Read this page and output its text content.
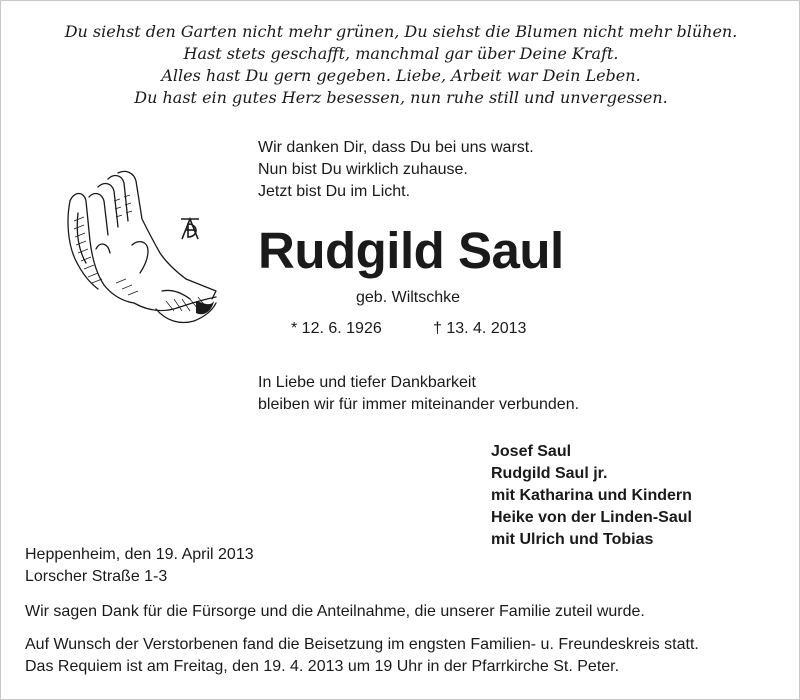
Du siehst den Garten nicht mehr grünen, Du siehst die Blumen nicht mehr blühen.
Hast stets geschafft, manchmal gar über Deine Kraft.
Alles hast Du gern gegeben. Liebe, Arbeit war Dein Leben.
Du hast ein gutes Herz besessen, nun ruhe still und unvergessen.
Wir danken Dir, dass Du bei uns warst.
Nun bist Du wirklich zuhause.
Jetzt bist Du im Licht.
Rudgild Saul
geb. Wiltschke
* 12. 6. 1926	† 13. 4. 2013
In Liebe und tiefer Dankbarkeit
bleiben wir für immer miteinander verbunden.
Josef Saul
Rudgild Saul jr.
mit Katharina und Kindern
Heike von der Linden-Saul
mit Ulrich und Tobias
Heppenheim, den 19. April 2013
Lorscher Straße 1-3
Wir sagen Dank für die Fürsorge und die Anteilnahme, die unserer Familie zuteil wurde.
Auf Wunsch der Verstorbenen fand die Beisetzung im engsten Familien- u. Freundeskreis statt.
Das Requiem ist am Freitag, den 19. 4. 2013 um 19 Uhr in der Pfarrkirche St. Peter.
